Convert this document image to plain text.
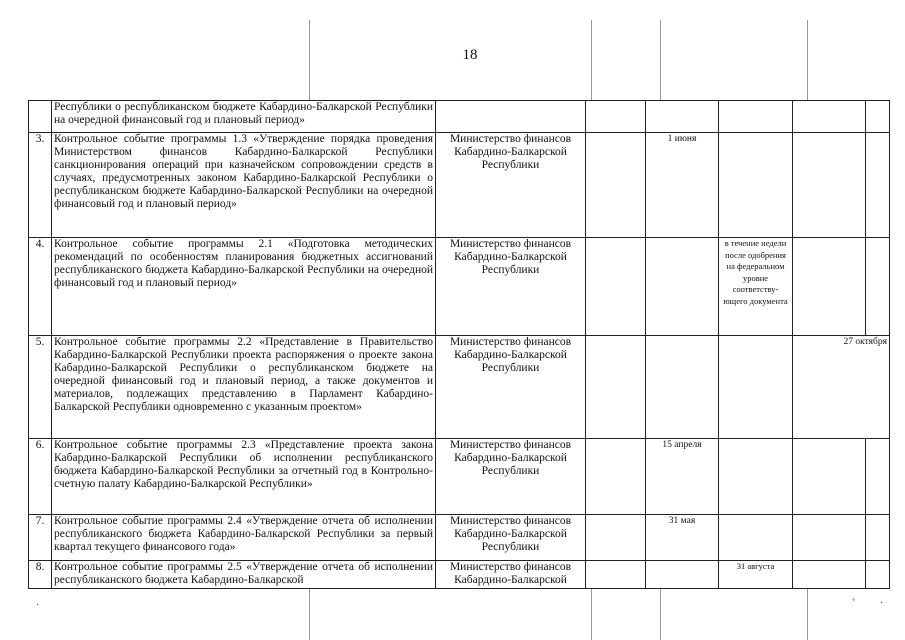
18
	Республики о республиканском бюджете Кабардино-Балкарской Республики на очередной финансовый год и плановый период»						
3.	Контрольное событие программы 1.3 «Утверждение порядка проведения Министерством финансов Кабардино-Балкарской Республики санкционирования операций при казначейском сопровождении средств в случаях, предусмотренных законом Кабардино-Балкарской Республики о республиканском бюджете Кабардино-Балкарской Республики на очередной финансовый год и плановый период»	Министерство финансов Кабардино-Балкарской Республики		1 июня			
4.	Контрольное событие программы 2.1 «Подготовка методических рекомендаций по особенностям планирования бюджетных ассигнований республиканского бюджета Кабардино-Балкарской Республики на очередной финансовый год и плановый период»	Министерство финансов Кабардино-Балкарской Республики			в течение недели после одобрения на федеральном уровне соответству-ющего документа		
5.	Контрольное событие программы 2.2 «Представление в Правительство Кабардино-Балкарской Республики проекта распоряжения о проекте закона Кабардино-Балкарской Республики о республиканском бюджете на очередной финансовый год и плановый период, а также документов и материалов, подлежащих представлению в Парламент Кабардино-Балкарской Республики одновременно с указанным проектом»	Министерство финансов Кабардино-Балкарской Республики				27 октября	
6.	Контрольное событие программы 2.3 «Представление проекта закона Кабардино-Балкарской Республики об исполнении республиканского бюджета Кабардино-Балкарской Республики за отчетный год в Контрольно-счетную палату Кабардино-Балкарской Республики»	Министерство финансов Кабардино-Балкарской Республики		15 апреля			
7.	Контрольное событие программы 2.4 «Утверждение отчета об исполнении республиканского бюджета Кабардино-Балкарской Республики за первый квартал текущего финансового года»	Министерство финансов Кабардино-Балкарской Республики		31 мая			
8.	Контрольное событие программы 2.5 «Утверждение отчета об исполнении республиканского бюджета Кабардино-Балкарской	Министерство финансов Кабардино-Балкарской			31 августа		
·	˚ ·
